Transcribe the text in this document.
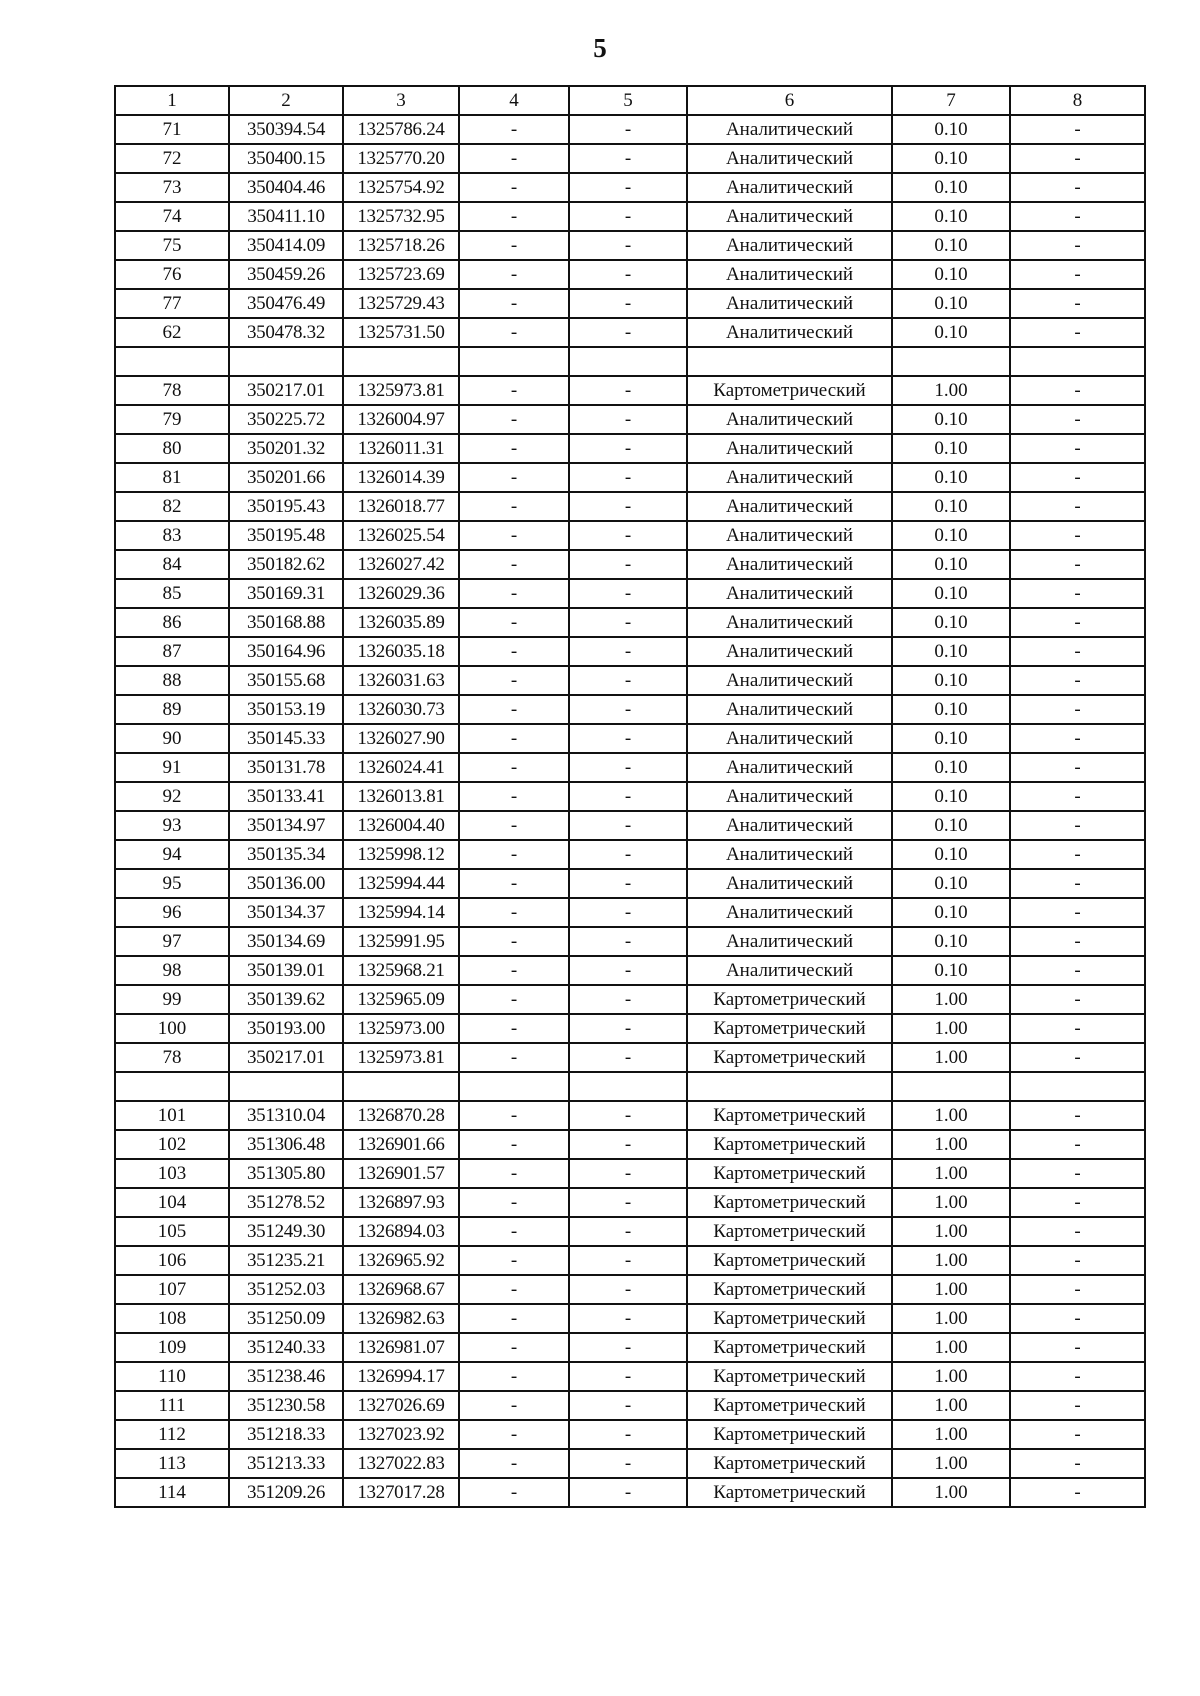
5
1	2	3	4	5	6	7	8
71	350394.54	1325786.24	-	-	Аналитический	0.10	-
72	350400.15	1325770.20	-	-	Аналитический	0.10	-
73	350404.46	1325754.92	-	-	Аналитический	0.10	-
74	350411.10	1325732.95	-	-	Аналитический	0.10	-
75	350414.09	1325718.26	-	-	Аналитический	0.10	-
76	350459.26	1325723.69	-	-	Аналитический	0.10	-
77	350476.49	1325729.43	-	-	Аналитический	0.10	-
62	350478.32	1325731.50	-	-	Аналитический	0.10	-

78	350217.01	1325973.81	-	-	Картометрический	1.00	-
79	350225.72	1326004.97	-	-	Аналитический	0.10	-
80	350201.32	1326011.31	-	-	Аналитический	0.10	-
81	350201.66	1326014.39	-	-	Аналитический	0.10	-
82	350195.43	1326018.77	-	-	Аналитический	0.10	-
83	350195.48	1326025.54	-	-	Аналитический	0.10	-
84	350182.62	1326027.42	-	-	Аналитический	0.10	-
85	350169.31	1326029.36	-	-	Аналитический	0.10	-
86	350168.88	1326035.89	-	-	Аналитический	0.10	-
87	350164.96	1326035.18	-	-	Аналитический	0.10	-
88	350155.68	1326031.63	-	-	Аналитический	0.10	-
89	350153.19	1326030.73	-	-	Аналитический	0.10	-
90	350145.33	1326027.90	-	-	Аналитический	0.10	-
91	350131.78	1326024.41	-	-	Аналитический	0.10	-
92	350133.41	1326013.81	-	-	Аналитический	0.10	-
93	350134.97	1326004.40	-	-	Аналитический	0.10	-
94	350135.34	1325998.12	-	-	Аналитический	0.10	-
95	350136.00	1325994.44	-	-	Аналитический	0.10	-
96	350134.37	1325994.14	-	-	Аналитический	0.10	-
97	350134.69	1325991.95	-	-	Аналитический	0.10	-
98	350139.01	1325968.21	-	-	Аналитический	0.10	-
99	350139.62	1325965.09	-	-	Картометрический	1.00	-
100	350193.00	1325973.00	-	-	Картометрический	1.00	-
78	350217.01	1325973.81	-	-	Картометрический	1.00	-

101	351310.04	1326870.28	-	-	Картометрический	1.00	-
102	351306.48	1326901.66	-	-	Картометрический	1.00	-
103	351305.80	1326901.57	-	-	Картометрический	1.00	-
104	351278.52	1326897.93	-	-	Картометрический	1.00	-
105	351249.30	1326894.03	-	-	Картометрический	1.00	-
106	351235.21	1326965.92	-	-	Картометрический	1.00	-
107	351252.03	1326968.67	-	-	Картометрический	1.00	-
108	351250.09	1326982.63	-	-	Картометрический	1.00	-
109	351240.33	1326981.07	-	-	Картометрический	1.00	-
110	351238.46	1326994.17	-	-	Картометрический	1.00	-
111	351230.58	1327026.69	-	-	Картометрический	1.00	-
112	351218.33	1327023.92	-	-	Картометрический	1.00	-
113	351213.33	1327022.83	-	-	Картометрический	1.00	-
114	351209.26	1327017.28	-	-	Картометрический	1.00	-
